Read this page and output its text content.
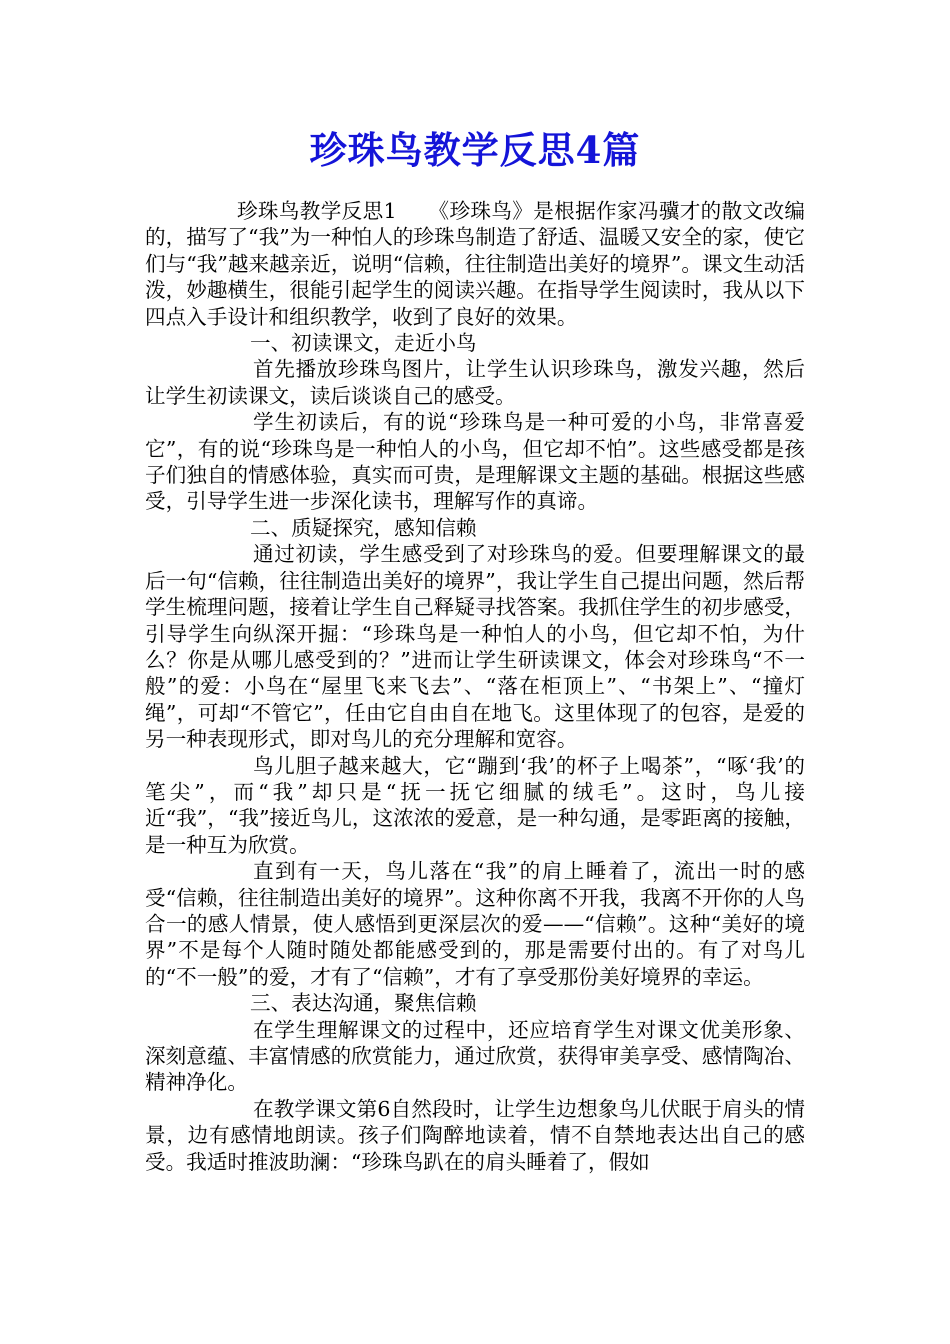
珍珠鸟教学反思4篇

珍珠鸟教学反思1　　《珍珠鸟》是根据作家冯骥才的散文改编的，描写了“我”为一种怕人的珍珠鸟制造了舒适、温暖又安全的家，使它们与“我”越来越亲近，说明“信赖，往往制造出美好的境界”。课文生动活泼，妙趣横生，很能引起学生的阅读兴趣。在指导学生阅读时，我从以下四点入手设计和组织教学，收到了良好的效果。

一、初读课文，走近小鸟

首先播放珍珠鸟图片，让学生认识珍珠鸟，激发兴趣，然后让学生初读课文，读后谈谈自己的感受。

学生初读后，有的说“珍珠鸟是一种可爱的小鸟，非常喜爱它”，有的说“珍珠鸟是一种怕人的小鸟，但它却不怕”。这些感受都是孩子们独自的情感体验，真实而可贵，是理解课文主题的基础。根据这些感受，引导学生进一步深化读书，理解写作的真谛。

二、质疑探究，感知信赖

通过初读，学生感受到了对珍珠鸟的爱。但要理解课文的最后一句“信赖，往往制造出美好的境界”，我让学生自己提出问题，然后帮学生梳理问题，接着让学生自己释疑寻找答案。我抓住学生的初步感受，引导学生向纵深开掘：“珍珠鸟是一种怕人的小鸟，但它却不怕，为什么？你是从哪儿感受到的？”进而让学生研读课文，体会对珍珠鸟“不一般”的爱：小鸟在“屋里飞来飞去”、“落在柜顶上”、“书架上”、“撞灯绳”，可却“不管它”，任由它自由自在地飞。这里体现了的包容，是爱的另一种表现形式，即对鸟儿的充分理解和宽容。

鸟儿胆子越来越大，它“蹦到‘我’的杯子上喝茶”，“啄‘我’的笔尖”，而“我”却只是“抚一抚它细腻的绒毛”。这时，鸟儿接近“我”，“我”接近鸟儿，这浓浓的爱意，是一种勾通，是零距离的接触，是一种互为欣赏。

直到有一天，鸟儿落在“我”的肩上睡着了，流出一时的感受“信赖，往往制造出美好的境界”。这种你离不开我，我离不开你的人鸟合一的感人情景，使人感悟到更深层次的爱——“信赖”。这种“美好的境界”不是每个人随时随处都能感受到的，那是需要付出的。有了对鸟儿的“不一般”的爱，才有了“信赖”，才有了享受那份美好境界的幸运。

三、表达沟通，聚焦信赖

在学生理解课文的过程中，还应培育学生对课文优美形象、深刻意蕴、丰富情感的欣赏能力，通过欣赏，获得审美享受、感情陶冶、精神净化。

在教学课文第6自然段时，让学生边想象鸟儿伏眠于肩头的情景，边有感情地朗读。孩子们陶醉地读着，情不自禁地表达出自己的感受。我适时推波助澜：“珍珠鸟趴在的肩头睡着了，假如
